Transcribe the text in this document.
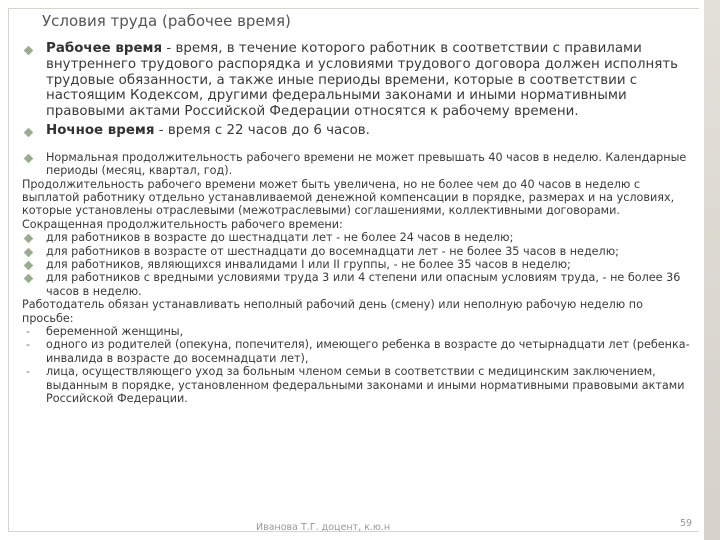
Условия труда (рабочее время)

Рабочее время - время, в течение которого работник в соответствии с правилами внутреннего трудового распорядка и условиями трудового договора должен исполнять трудовые обязанности, а также иные периоды времени, которые в соответствии с настоящим Кодексом, другими федеральными законами и иными нормативными правовыми актами Российской Федерации относятся к рабочему времени.

Ночное время - время с 22 часов до 6 часов.

Нормальная продолжительность рабочего времени не может превышать 40 часов в неделю. Календарные периоды (месяц, квартал, год).

Продолжительность рабочего времени может быть увеличена, но не более чем до 40 часов в неделю с выплатой работнику отдельно устанавливаемой денежной компенсации в порядке, размерах и на условиях, которые установлены отраслевыми (межотраслевыми) соглашениями, коллективными договорами.

Сокращенная продолжительность рабочего времени:

для работников в возрасте до шестнадцати лет - не более 24 часов в неделю;

для работников в возрасте от шестнадцати до восемнадцати лет - не более 35 часов в неделю;

для работников, являющихся инвалидами I или II группы, - не более 35 часов в неделю;

для работников с вредными условиями труда 3 или 4 степени или опасным условиям труда, - не более 36 часов в неделю.

Работодатель обязан устанавливать неполный рабочий день (смену) или неполную рабочую неделю по просьбе:

- беременной женщины,

- одного из родителей (опекуна, попечителя), имеющего ребенка в возрасте до четырнадцати лет (ребенка-инвалида в возрасте до восемнадцати лет),

- лица, осуществляющего уход за больным членом семьи в соответствии с медицинским заключением, выданным в порядке, установленном федеральными законами и иными нормативными правовыми актами Российской Федерации.

Иванова Т.Г. доцент, к.ю.н	59
